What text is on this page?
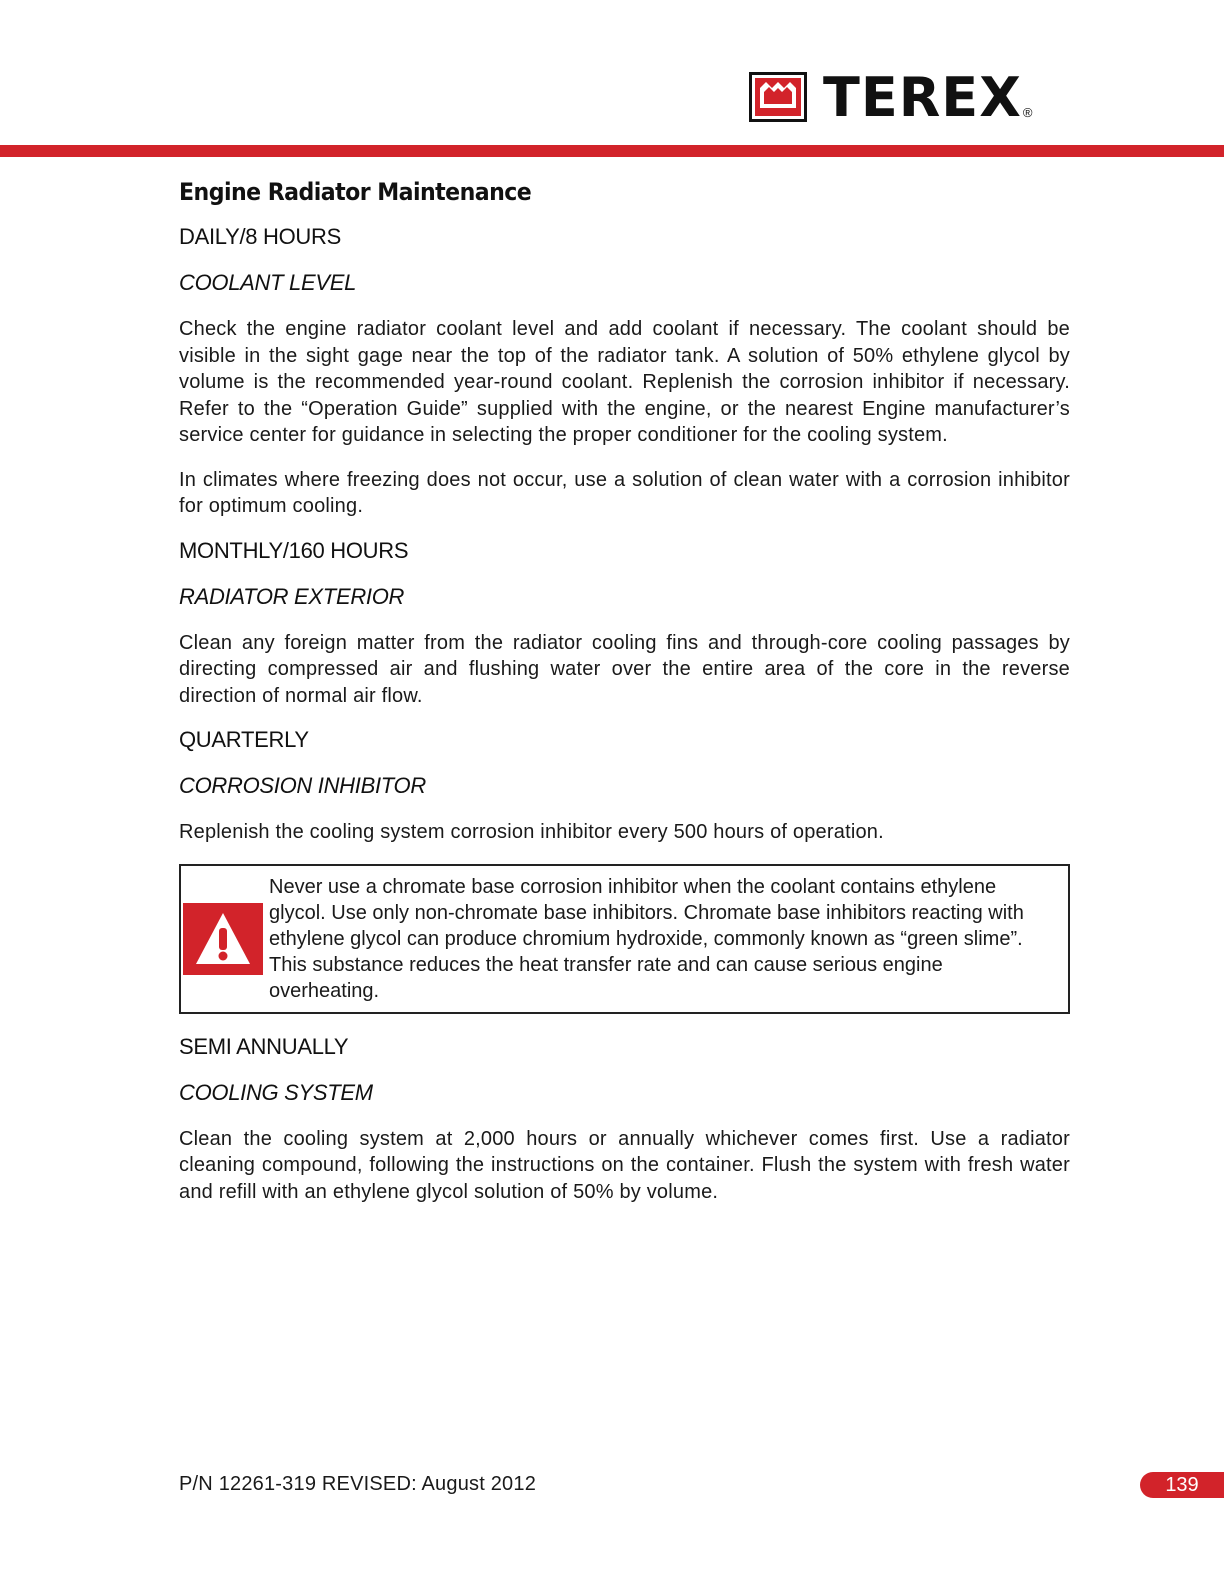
TEREX ®
Engine Radiator Maintenance
DAILY/8 HOURS
COOLANT LEVEL

Check the engine radiator coolant level and add coolant if necessary. The coolant should be visible in the sight gage near the top of the radiator tank. A solution of 50% ethylene glycol by volume is the recommended year-round coolant. Replenish the corrosion inhibitor if necessary. Refer to the “Operation Guide” supplied with the engine, or the nearest Engine manufacturer’s service center for guidance in selecting the proper conditioner for the cooling system.

In climates where freezing does not occur, use a solution of clean water with a corrosion inhibitor for optimum cooling.

MONTHLY/160 HOURS
RADIATOR EXTERIOR

Clean any foreign matter from the radiator cooling fins and through-core cooling passages by directing compressed air and flushing water over the entire area of the core in the reverse direction of normal air flow.

QUARTERLY
CORROSION INHIBITOR

Replenish the cooling system corrosion inhibitor every 500 hours of operation.

Never use a chromate base corrosion inhibitor when the coolant contains ethylene glycol. Use only non-chromate base inhibitors. Chromate base inhibitors reacting with ethylene glycol can produce chromium hydroxide, commonly known as “green slime”. This substance reduces the heat transfer rate and can cause serious engine overheating.
SEMI ANNUALLY
COOLING SYSTEM

Clean the cooling system at 2,000 hours or annually whichever comes first. Use a radiator cleaning compound, following the instructions on the container. Flush the system with fresh water and refill with an ethylene glycol solution of 50% by volume.

P/N 12261-319 REVISED: August 2012	139
